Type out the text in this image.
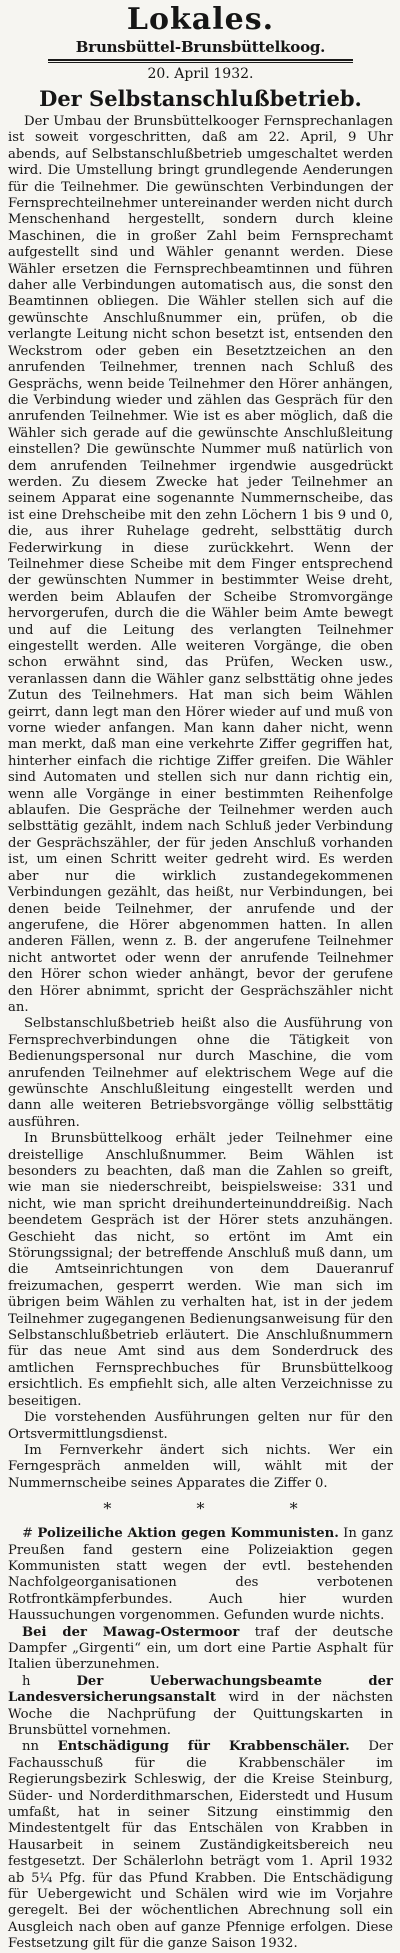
Lokales.
Brunsbüttel-Brunsbüttelkoog.
20. April 1932.
Der Selbstanschlußbetrieb.

Der Umbau der Brunsbüttelkooger Fernsprechanlagen ist soweit vorgeschritten, daß am 22. April, 9 Uhr abends, auf Selbstanschlußbetrieb umgeschaltet werden wird. Die Umstellung bringt grundlegende Aenderungen für die Teilnehmer. Die gewünschten Verbindungen der Fernsprechteilnehmer untereinander werden nicht durch Menschenhand hergestellt, sondern durch kleine Maschinen, die in großer Zahl beim Fernsprechamt aufgestellt sind und Wähler genannt werden. Diese Wähler ersetzen die Fernsprechbeamtinnen und führen daher alle Verbindungen automatisch aus, die sonst den Beamtinnen obliegen. Die Wähler stellen sich auf die gewünschte Anschlußnummer ein, prüfen, ob die verlangte Leitung nicht schon besetzt ist, entsenden den Weckstrom oder geben ein Besetztzeichen an den anrufenden Teilnehmer, trennen nach Schluß des Gesprächs, wenn beide Teilnehmer den Hörer anhängen, die Verbindung wieder und zählen das Gespräch für den anrufenden Teilnehmer. Wie ist es aber möglich, daß die Wähler sich gerade auf die gewünschte Anschlußleitung einstellen? Die gewünschte Nummer muß natürlich von dem anrufenden Teilnehmer irgendwie ausgedrückt werden. Zu diesem Zwecke hat jeder Teilnehmer an seinem Apparat eine sogenannte Nummernscheibe, das ist eine Drehscheibe mit den zehn Löchern 1 bis 9 und 0, die, aus ihrer Ruhelage gedreht, selbsttätig durch Federwirkung in diese zurückkehrt. Wenn der Teilnehmer diese Scheibe mit dem Finger entsprechend der gewünschten Nummer in bestimmter Weise dreht, werden beim Ablaufen der Scheibe Stromvorgänge hervorgerufen, durch die die Wähler beim Amte bewegt und auf die Leitung des verlangten Teilnehmer eingestellt werden. Alle weiteren Vorgänge, die oben schon erwähnt sind, das Prüfen, Wecken usw., veranlassen dann die Wähler ganz selbsttätig ohne jedes Zutun des Teilnehmers. Hat man sich beim Wählen geirrt, dann legt man den Hörer wieder auf und muß von vorne wieder anfangen. Man kann daher nicht, wenn man merkt, daß man eine verkehrte Ziffer gegriffen hat, hinterher einfach die richtige Ziffer greifen. Die Wähler sind Automaten und stellen sich nur dann richtig ein, wenn alle Vorgänge in einer bestimmten Reihenfolge ablaufen. Die Gespräche der Teilnehmer werden auch selbsttätig gezählt, indem nach Schluß jeder Verbindung der Gesprächszähler, der für jeden Anschluß vorhanden ist, um einen Schritt weiter gedreht wird. Es werden aber nur die wirklich zustandegekommenen Verbindungen gezählt, das heißt, nur Verbindungen, bei denen beide Teilnehmer, der anrufende und der angerufene, die Hörer abgenommen hatten. In allen anderen Fällen, wenn z. B. der angerufene Teilnehmer nicht antwortet oder wenn der anrufende Teilnehmer den Hörer schon wieder anhängt, bevor der gerufene den Hörer abnimmt, spricht der Gesprächszähler nicht an.

Selbstanschlußbetrieb heißt also die Ausführung von Fernsprechverbindungen ohne die Tätigkeit von Bedienungspersonal nur durch Maschine, die vom anrufenden Teilnehmer auf elektrischem Wege auf die gewünschte Anschlußleitung eingestellt werden und dann alle weiteren Betriebsvorgänge völlig selbsttätig ausführen.

In Brunsbüttelkoog erhält jeder Teilnehmer eine dreistellige Anschlußnummer. Beim Wählen ist besonders zu beachten, daß man die Zahlen so greift, wie man sie niederschreibt, beispielsweise: 331 und nicht, wie man spricht dreihunderteinunddreißig. Nach beendetem Gespräch ist der Hörer stets anzuhängen. Geschieht das nicht, so ertönt im Amt ein Störungssignal; der betreffende Anschluß muß dann, um die Amtseinrichtungen von dem Daueranruf freizumachen, gesperrt werden. Wie man sich im übrigen beim Wählen zu verhalten hat, ist in der jedem Teilnehmer zugegangenen Bedienungsanweisung für den Selbstanschlußbetrieb erläutert. Die Anschlußnummern für das neue Amt sind aus dem Sonderdruck des amtlichen Fernsprechbuches für Brunsbüttelkoog ersichtlich. Es empfiehlt sich, alle alten Verzeichnisse zu beseitigen.

Die vorstehenden Ausführungen gelten nur für den Ortsvermittlungsdienst.

Im Fernverkehr ändert sich nichts. Wer ein Ferngespräch anmelden will, wählt mit der Nummernscheibe seines Apparates die Ziffer 0.

* * *

# Polizeiliche Aktion gegen Kommunisten. In ganz Preußen fand gestern eine Polizeiaktion gegen Kommunisten statt wegen der evtl. bestehenden Nachfolgeorganisationen des verbotenen Rotfrontkämpferbundes. Auch hier wurden Haussuchungen vorgenommen. Gefunden wurde nichts.

Bei der Mawag-Ostermoor traf der deutsche Dampfer „Girgenti“ ein, um dort eine Partie Asphalt für Italien überzunehmen.

h	Der Ueberwachungsbeamte der Landesversicherungsanstalt wird in der nächsten Woche die Nachprüfung der Quittungskarten in Brunsbüttel vornehmen.

nn Entschädigung für Krabbenschäler. Der Fachausschuß für die Krabbenschäler im Regierungsbezirk Schleswig, der die Kreise Steinburg, Süder- und Norderdithmarschen, Eiderstedt und Husum umfaßt, hat in seiner Sitzung einstimmig den Mindestentgelt für das Entschälen von Krabben in Hausarbeit in seinem Zuständigkeitsbereich neu festgesetzt. Der Schälerlohn beträgt vom 1. April 1932 ab 5¼ Pfg. für das Pfund Krabben. Die Entschädigung für Uebergewicht und Schälen wird wie im Vorjahre geregelt. Bei der wöchentlichen Abrechnung soll ein Ausgleich nach oben auf ganze Pfennige erfolgen. Diese Festsetzung gilt für die ganze Saison 1932.
